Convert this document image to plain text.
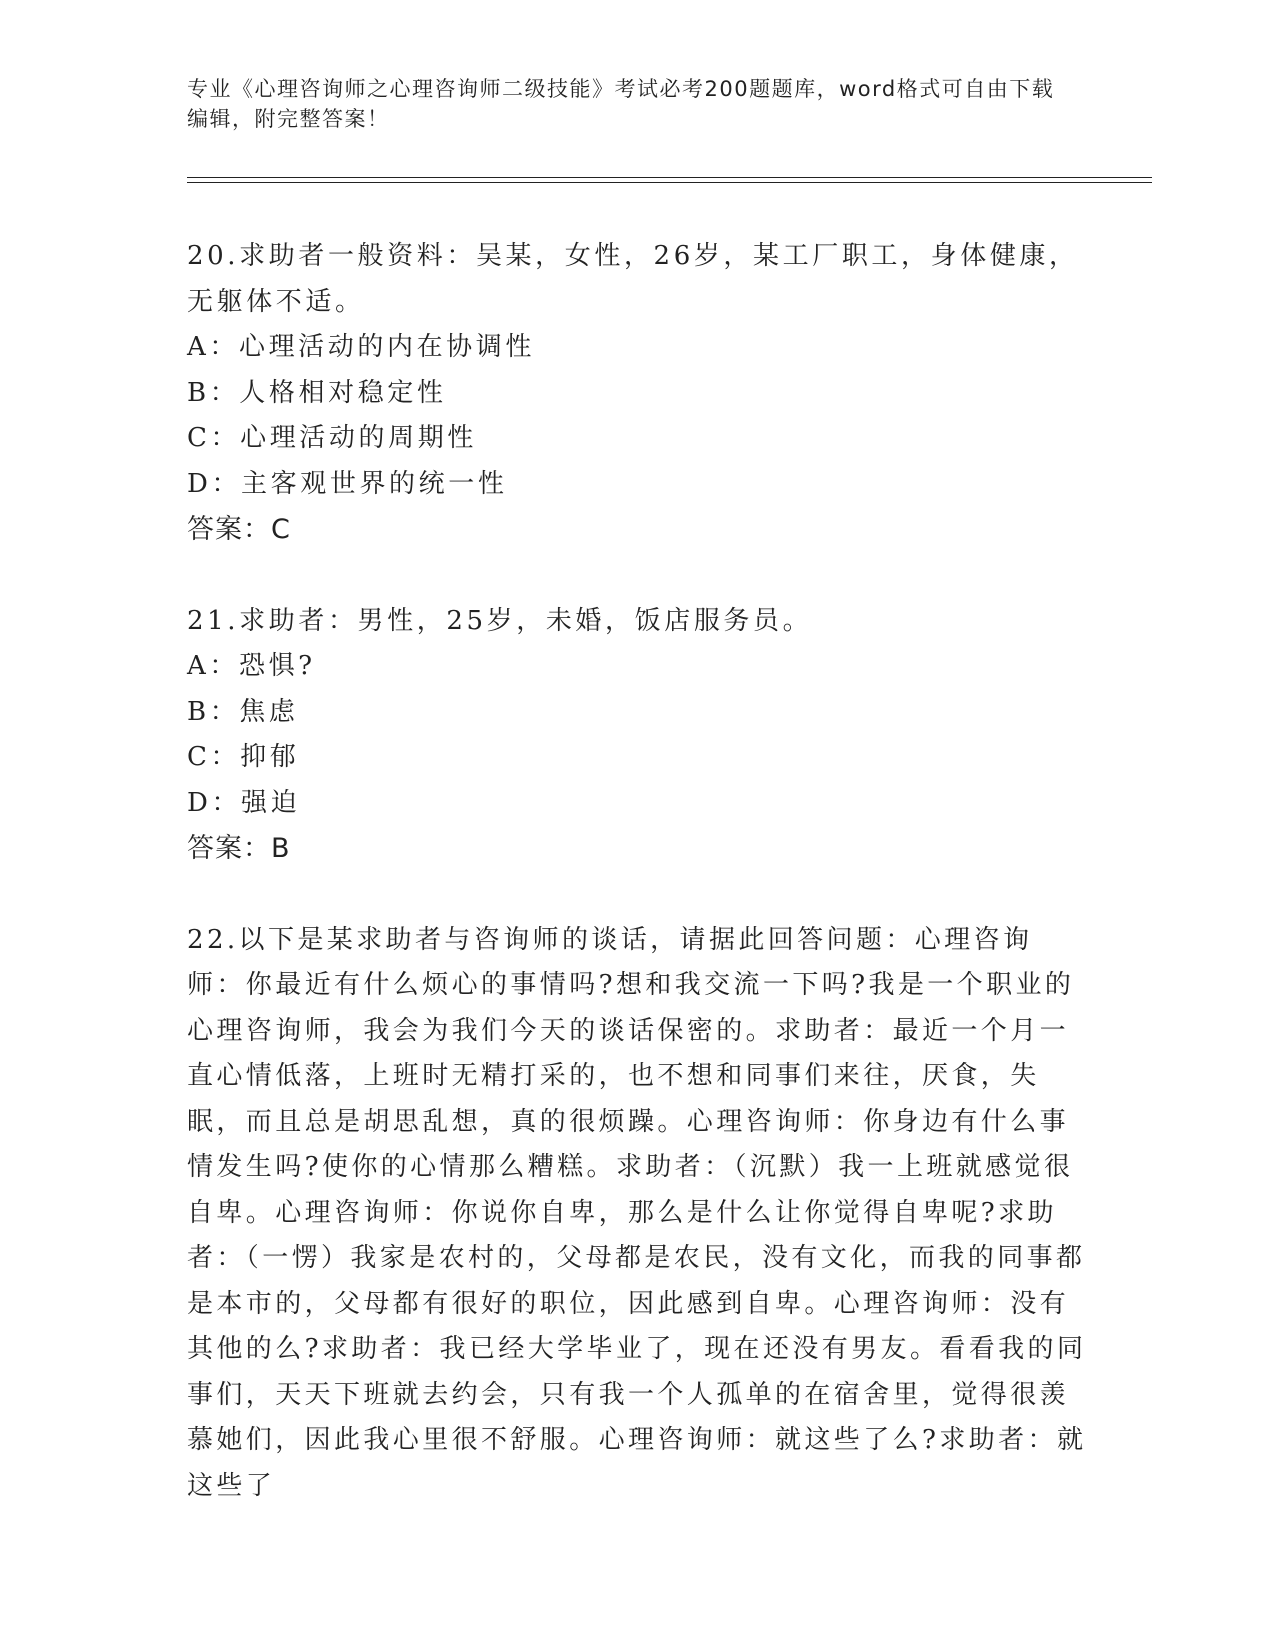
专业《心理咨询师之心理咨询师二级技能》考试必考200题题库，word格式可自由下载编辑，附完整答案！

20.求助者一般资料：吴某，女性，26岁，某工厂职工，身体健康，无躯体不适。

A：心理活动的内在协调性

B：人格相对稳定性

C：心理活动的周期性

D：主客观世界的统一性

答案：C

21.求助者：男性，25岁，未婚，饭店服务员。

A：恐惧?

B：焦虑

C：抑郁

D：强迫

答案：B

22.以下是某求助者与咨询师的谈话，请据此回答问题：心理咨询师：你最近有什么烦心的事情吗?想和我交流一下吗?我是一个职业的心理咨询师，我会为我们今天的谈话保密的。求助者：最近一个月一直心情低落，上班时无精打采的，也不想和同事们来往，厌食，失眠，而且总是胡思乱想，真的很烦躁。心理咨询师：你身边有什么事情发生吗?使你的心情那么糟糕。求助者：（沉默）我一上班就感觉很自卑。心理咨询师：你说你自卑，那么是什么让你觉得自卑呢?求助者：（一愣）我家是农村的，父母都是农民，没有文化，而我的同事都是本市的，父母都有很好的职位，因此感到自卑。心理咨询师：没有其他的么?求助者：我已经大学毕业了，现在还没有男友。看看我的同事们，天天下班就去约会，只有我一个人孤单的在宿舍里，觉得很羡慕她们，因此我心里很不舒服。心理咨询师：就这些了么?求助者：就这些了
